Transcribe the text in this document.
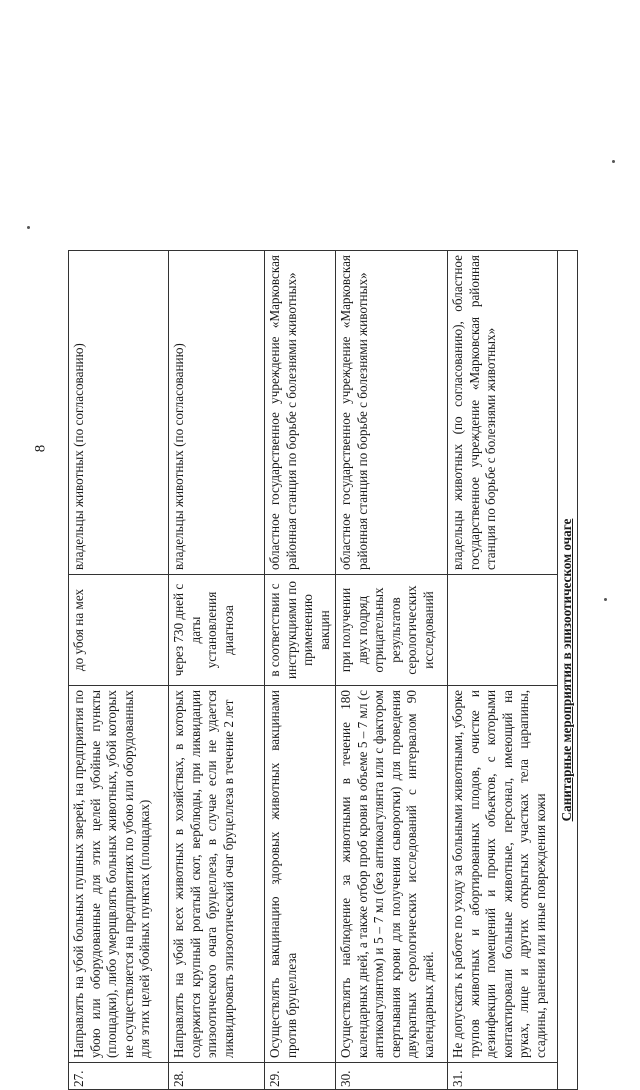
8
27.	Направлять на убой больных пушных зверей, на предприятия по убою или оборудованные для этих целей убойные пункты (площадки), либо умерщвлять больных животных, убой которых не осуществляется на предприятиях по убою или оборудованных для этих целей убойных пунктах (площадках)	до убоя на мех	владельцы животных (по согласованию)
28.	Направлять на убой всех животных в хозяйствах, в которых содержится крупный рогатый скот, верблюды, при ликвидации эпизоотического очага бруцеллеза, в случае если не удается ликвидировать эпизоотический очаг бруцеллеза в течение 2 лет	через 730 дней с даты установления диагноза	владельцы животных (по согласованию)
29.	Осуществлять вакцинацию здоровых животных вакцинами против бруцеллеза	в соответствии с инструкциями по применению вакцин	областное государственное учреждение «Марковская районная станция по борьбе с болезнями животных»
30.	Осуществлять наблюдение за животными в течение 180 календарных дней, а также отбор проб крови в объеме 5 – 7 мл (с антикоагулянтом) и 5 – 7 мл (без антикоагулянта или с фактором свертывания крови для получения сыворотки) для проведения двукратных серологических исследований с интервалом 90 календарных дней.	при получении двух подряд отрицательных результатов серологических исследований	областное государственное учреждение «Марковская районная станция по борьбе с болезнями животных»
31.	Не допускать к работе по уходу за больными животными, уборке трупов животных и абортированных плодов, очистке и дезинфекции помещений и прочих объектов, с которыми контактировали больные животные, персонал, имеющий на руках, лице и других открытых участках тела царапины, ссадины, ранения или иные повреждения кожи		владельцы животных (по согласованию), областное государственное учреждение «Марковская районная станция по борьбе с болезнями животных»
Санитарные мероприятия в эпизоотическом очаге			
